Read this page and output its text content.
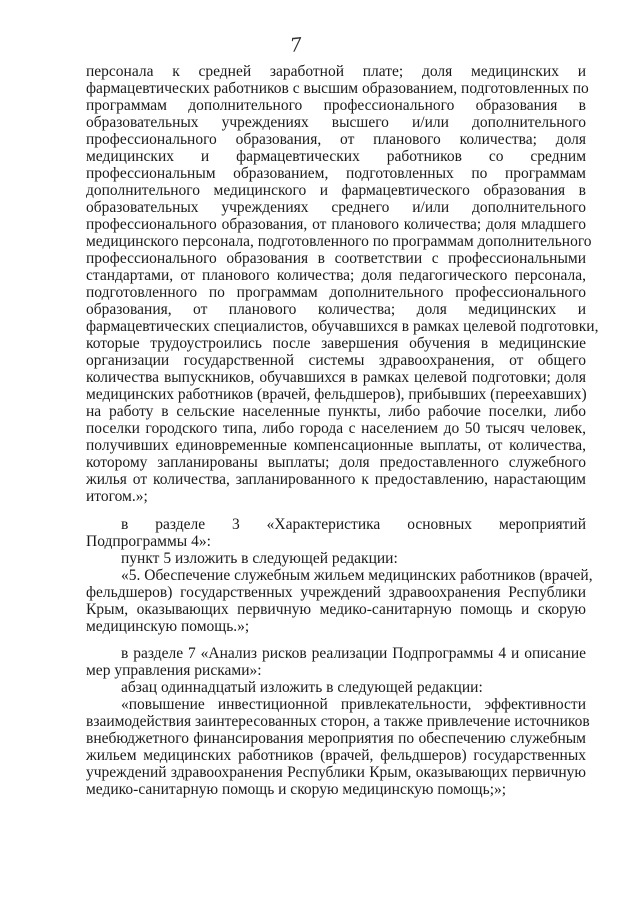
7
персонала к средней заработной плате; доля медицинских и
фармацевтических работников с высшим образованием, подготовленных по
программам дополнительного профессионального образования в
образовательных учреждениях высшего и/или дополнительного
профессионального образования, от планового количества; доля
медицинских и фармацевтических работников со средним
профессиональным образованием, подготовленных по программам
дополнительного медицинского и фармацевтического образования в
образовательных учреждениях среднего и/или дополнительного
профессионального образования, от планового количества; доля младшего
медицинского персонала, подготовленного по программам дополнительного
профессионального образования в соответствии с профессиональными
стандартами, от планового количества; доля педагогического персонала,
подготовленного по программам дополнительного профессионального
образования, от планового количества; доля медицинских и
фармацевтических специалистов, обучавшихся в рамках целевой подготовки,
которые трудоустроились после завершения обучения в медицинские
организации государственной системы здравоохранения, от общего
количества выпускников, обучавшихся в рамках целевой подготовки; доля
медицинских работников (врачей, фельдшеров), прибывших (переехавших)
на работу в сельские населенные пункты, либо рабочие поселки, либо
поселки городского типа, либо города с населением до 50 тысяч человек,
получивших единовременные компенсационные выплаты, от количества,
которому запланированы выплаты; доля предоставленного служебного
жилья от количества, запланированного к предоставлению, нарастающим
итогом.»;
в разделе 3 «Характеристика основных мероприятий
Подпрограммы 4»:
пункт 5 изложить в следующей редакции:
«5. Обеспечение служебным жильем медицинских работников (врачей,
фельдшеров) государственных учреждений здравоохранения Республики
Крым, оказывающих первичную медико-санитарную помощь и скорую
медицинскую помощь.»;
в разделе 7 «Анализ рисков реализации Подпрограммы 4 и описание
мер управления рисками»:
абзац одиннадцатый изложить в следующей редакции:
«повышение инвестиционной привлекательности, эффективности
взаимодействия заинтересованных сторон, а также привлечение источников
внебюджетного финансирования мероприятия по обеспечению служебным
жильем медицинских работников (врачей, фельдшеров) государственных
учреждений здравоохранения Республики Крым, оказывающих первичную
медико-санитарную помощь и скорую медицинскую помощь;»;
